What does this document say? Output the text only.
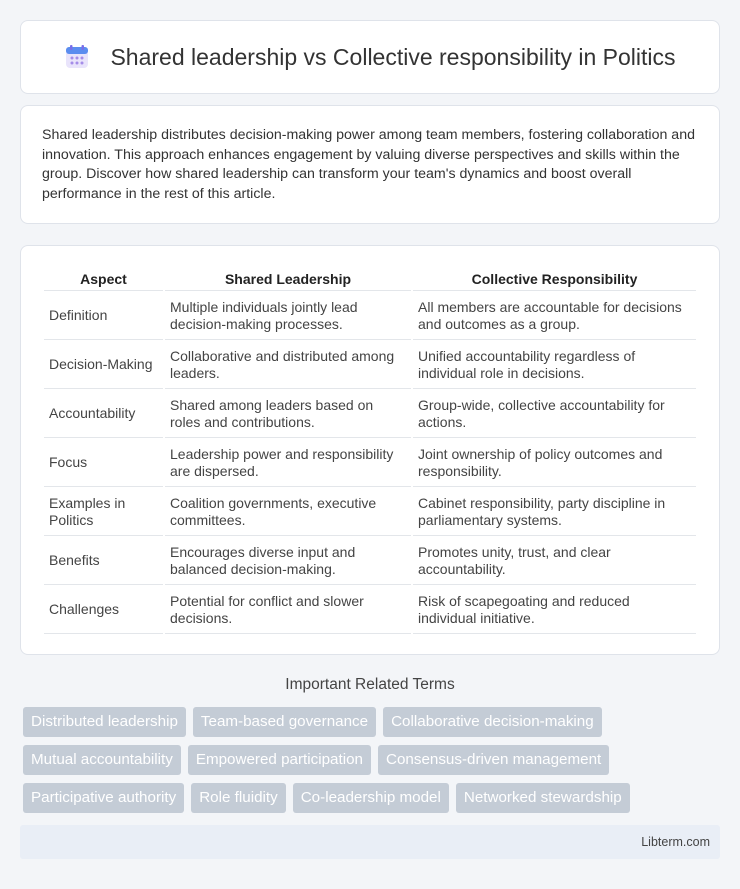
Shared leadership vs Collective responsibility in Politics

Shared leadership distributes decision-making power among team members, fostering collaboration and innovation. This approach enhances engagement by valuing diverse perspectives and skills within the group. Discover how shared leadership can transform your team's dynamics and boost overall performance in the rest of this article.

Aspect	Shared Leadership	Collective Responsibility
Definition	Multiple individuals jointly lead decision-making processes.	All members are accountable for decisions and outcomes as a group.
Decision-Making	Collaborative and distributed among leaders.	Unified accountability regardless of individual role in decisions.
Accountability	Shared among leaders based on roles and contributions.	Group-wide, collective accountability for actions.
Focus	Leadership power and responsibility are dispersed.	Joint ownership of policy outcomes and responsibility.
Examples in Politics	Coalition governments, executive committees.	Cabinet responsibility, party discipline in parliamentary systems.
Benefits	Encourages diverse input and balanced decision-making.	Promotes unity, trust, and clear accountability.
Challenges	Potential for conflict and slower decisions.	Risk of scapegoating and reduced individual initiative.
Important Related Terms
Distributed leadership	Team-based governance	Collaborative decision-making
Mutual accountability	Empowered participation	Consensus-driven management
Participative authority	Role fluidity	Co-leadership model	Networked stewardship
Libterm.com
